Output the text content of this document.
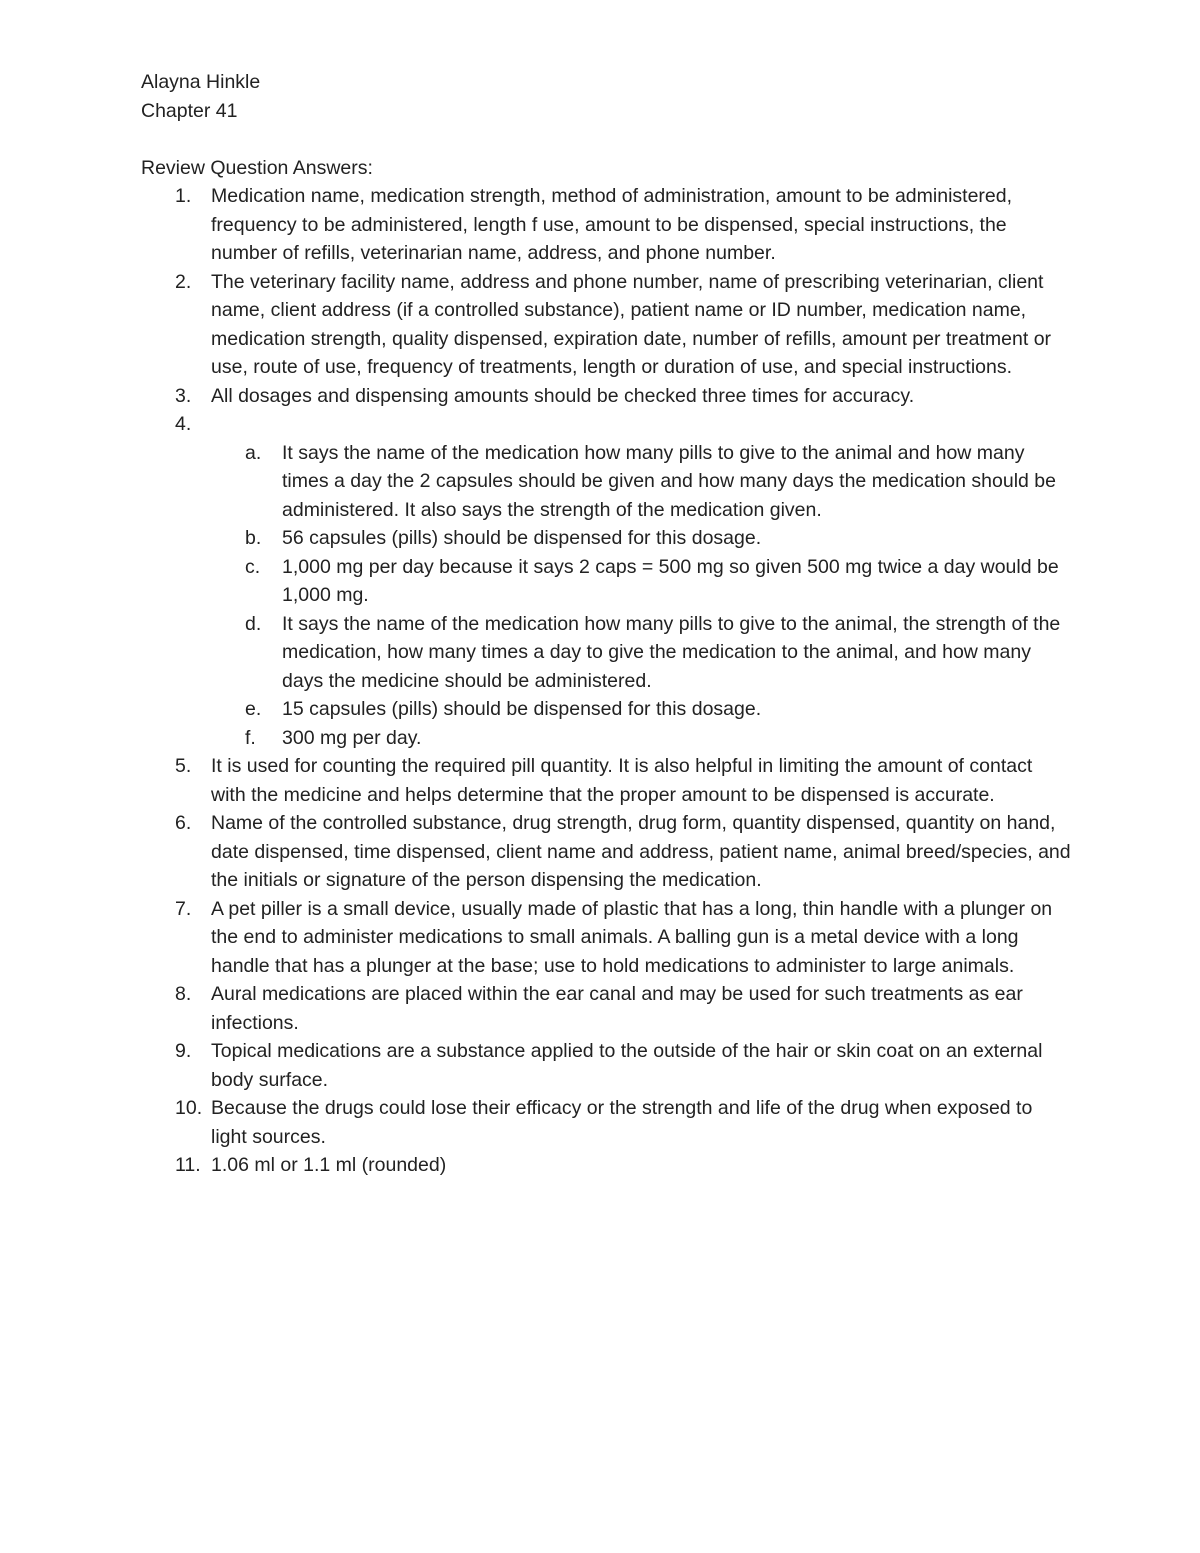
Alayna Hinkle
Chapter 41
Review Question Answers:
1. Medication name, medication strength, method of administration, amount to be administered, frequency to be administered, length f use, amount to be dispensed, special instructions, the number of refills, veterinarian name, address, and phone number.
2. The veterinary facility name, address and phone number, name of prescribing veterinarian, client name, client address (if a controlled substance), patient name or ID number, medication name, medication strength, quality dispensed, expiration date, number of refills, amount per treatment or use, route of use, frequency of treatments, length or duration of use, and special instructions.
3. All dosages and dispensing amounts should be checked three times for accuracy.
4.

a. It says the name of the medication how many pills to give to the animal and how many times a day the 2 capsules should be given and how many days the medication should be administered. It also says the strength of the medication given.
b. 56 capsules (pills) should be dispensed for this dosage.
c. 1,000 mg per day because it says 2 caps = 500 mg so given 500 mg twice a day would be 1,000 mg.
d. It says the name of the medication how many pills to give to the animal, the strength of the medication, how many times a day to give the medication to the animal, and how many days the medicine should be administered.
e. 15 capsules (pills) should be dispensed for this dosage.
f. 300 mg per day.
5. It is used for counting the required pill quantity. It is also helpful in limiting the amount of contact with the medicine and helps determine that the proper amount to be dispensed is accurate.
6. Name of the controlled substance, drug strength, drug form, quantity dispensed, quantity on hand, date dispensed, time dispensed, client name and address, patient name, animal breed/species, and the initials or signature of the person dispensing the medication.
7. A pet piller is a small device, usually made of plastic that has a long, thin handle with a plunger on the end to administer medications to small animals. A balling gun is a metal device with a long handle that has a plunger at the base; use to hold medications to administer to large animals.
8. Aural medications are placed within the ear canal and may be used for such treatments as ear infections.
9. Topical medications are a substance applied to the outside of the hair or skin coat on an external body surface.
10. Because the drugs could lose their efficacy or the strength and life of the drug when exposed to light sources.
11. 1.06 ml or 1.1 ml (rounded)
